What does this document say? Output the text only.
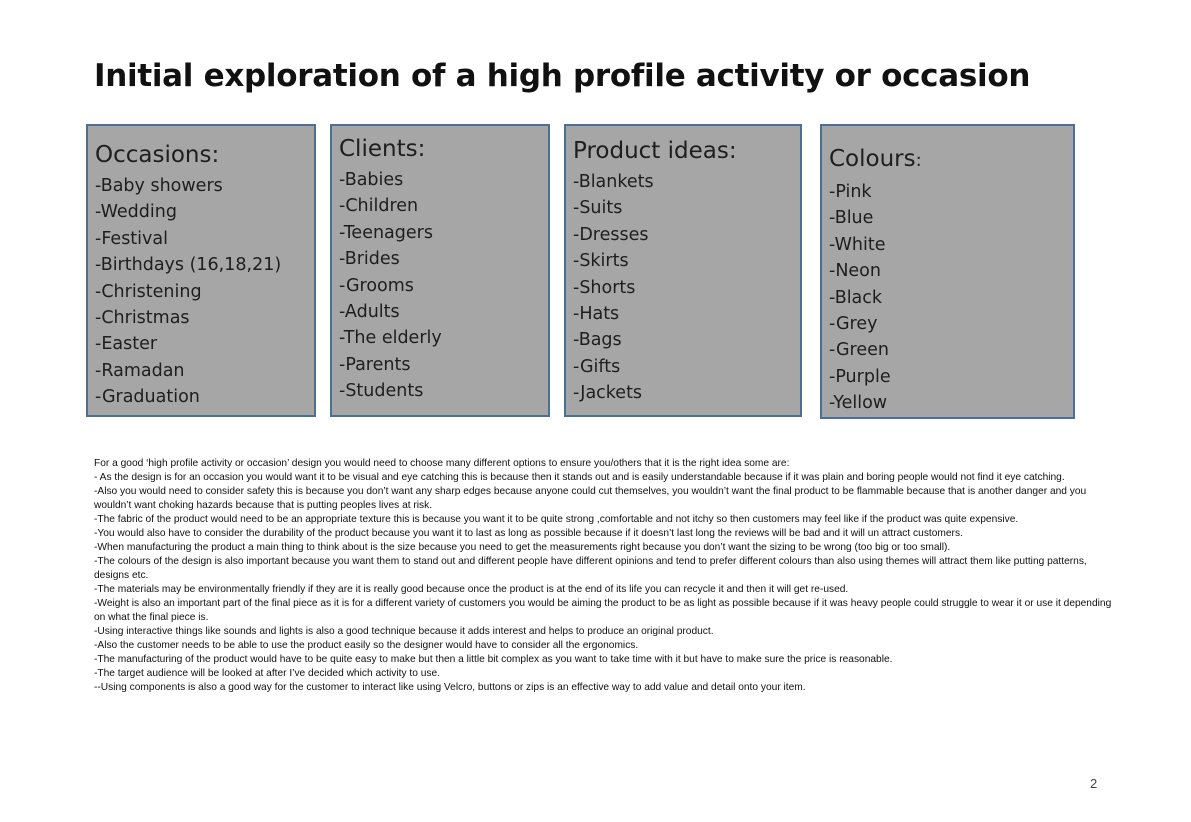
Initial exploration of a high profile activity or occasion
Occasions:
-Baby showers
-Wedding
-Festival
-Birthdays (16,18,21)
-Christening
-Christmas
-Easter
-Ramadan
-Graduation
Clients:
-Babies
-Children
-Teenagers
-Brides
-Grooms
-Adults
-The elderly
-Parents
-Students
Product ideas:
-Blankets
-Suits
-Dresses
-Skirts
-Shorts
-Hats
-Bags
-Gifts
-Jackets
Colours:
-Pink
-Blue
-White
-Neon
-Black
-Grey
-Green
-Purple
-Yellow

For a good ‘high profile activity or occasion’ design you would need to choose many different options to ensure you/others that it is the right idea some are:

- As the design is for an occasion you would want it to be visual and eye catching this is because then it stands out and is easily understandable because if it was plain and boring people would not find it eye catching.

-Also you would need to consider safety this is because you don’t want any sharp edges because anyone could cut themselves, you wouldn’t want the final product to be flammable because that is another danger and you wouldn’t want choking hazards because that is putting peoples lives at risk.

-The fabric of the product would need to be an appropriate texture this is because you want it to be quite strong ,comfortable and not itchy so then customers may feel like if the product was quite expensive.

-You would also have to consider the durability of the product because you want it to last as long as possible because if it doesn’t last long the reviews will be bad and it will un attract customers.

-When manufacturing the product a main thing to think about is the size because you need to get the measurements right because you don’t want the sizing to be wrong (too big or too small).

-The colours of the design is also important because you want them to stand out and different people have different opinions and tend to prefer different colours than also using themes will attract them like putting patterns, designs etc.

-The materials may be environmentally friendly if they are it is really good because once the product is at the end of its life you can recycle it and then it will get re-used.

-Weight is also an important part of the final piece as it is for a different variety of customers you would be aiming the product to be as light as possible because if it was heavy people could struggle to wear it or use it depending on what the final piece is.

-Using interactive things like sounds and lights is also a good technique because it adds interest and helps to produce an original product.

-Also the customer needs to be able to use the product easily so the designer would have to consider all the ergonomics.

-The manufacturing of the product would have to be quite easy to make but then a little bit complex as you want to take time with it but have to make sure the price is reasonable.

-The target audience will be looked at after I’ve decided which activity to use.

--Using components is also a good way for the customer to interact like using Velcro, buttons or zips is an effective way to add value and detail onto your item.

2
